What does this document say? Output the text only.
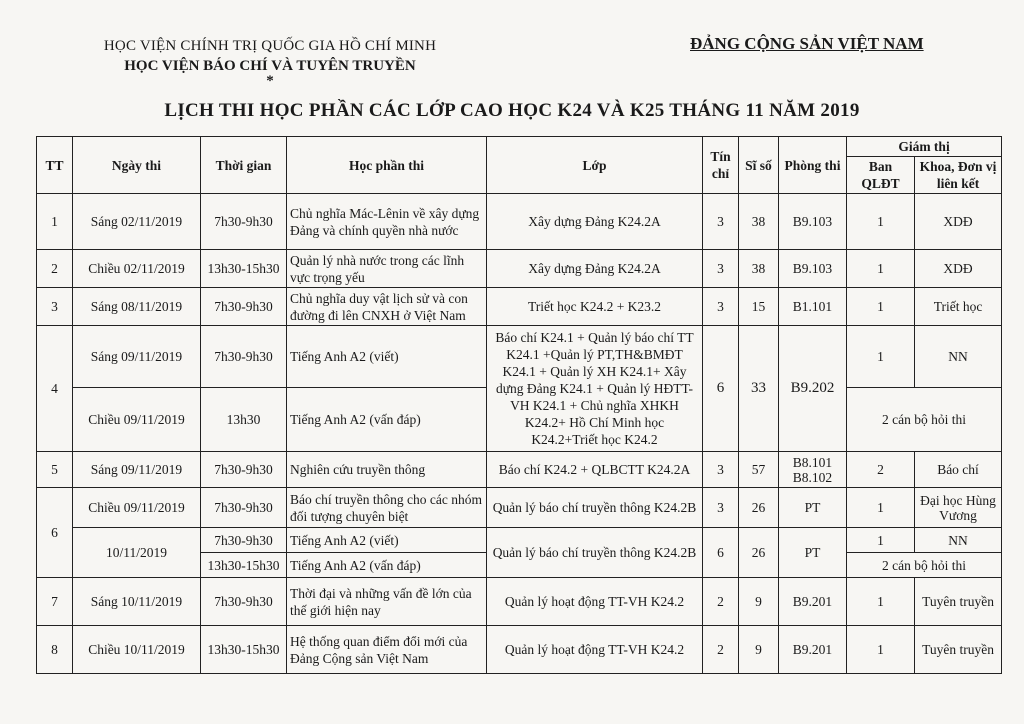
HỌC VIỆN CHÍNH TRỊ QUỐC GIA HỒ CHÍ MINH
HỌC VIỆN BÁO CHÍ VÀ TUYÊN TRUYỀN
*
ĐẢNG CỘNG SẢN VIỆT NAM
LỊCH THI HỌC PHẦN CÁC LỚP CAO HỌC K24 VÀ K25 THÁNG 11 NĂM 2019
TT	Ngày thi	Thời gian	Học phần thi	Lớp	Tín chỉ	Sĩ số	Phòng thi	Giám thị	
								Ban QLĐT	Khoa, Đơn vị liên kết
1	Sáng 02/11/2019	7h30-9h30	Chủ nghĩa Mác-Lênin về xây dựng Đảng và chính quyền nhà nước	Xây dựng Đảng K24.2A	3	38	B9.103	1	XDĐ
2	Chiều 02/11/2019	13h30-15h30	Quản lý nhà nước trong các lĩnh vực trọng yếu	Xây dựng Đảng K24.2A	3	38	B9.103	1	XDĐ
3	Sáng 08/11/2019	7h30-9h30	Chủ nghĩa duy vật lịch sử và con đường đi lên CNXH ở Việt Nam	Triết học K24.2 + K23.2	3	15	B1.101	1	Triết học
4	Sáng 09/11/2019	7h30-9h30	Tiếng Anh A2 (viết)	Báo chí K24.1 + Quản lý báo chí TT K24.1 +Quản lý PT,TH&BMĐT K24.1 + Quản lý XH K24.1+ Xây dựng Đảng K24.1 + Quản lý HĐTT-VH K24.1 + Chủ nghĩa XHKH K24.2+ Hồ Chí Minh học K24.2+Triết học K24.2	6	33	B9.202	1	NN
	Chiều 09/11/2019	13h30	Tiếng Anh A2 (vấn đáp)					2 cán bộ hỏi thi	
5	Sáng 09/11/2019	7h30-9h30	Nghiên cứu truyền thông	Báo chí K24.2 + QLBCTT K24.2A	3	57	B8.101 B8.102	2	Báo chí
6	Chiều 09/11/2019	7h30-9h30	Báo chí truyền thông cho các nhóm đối tượng chuyên biệt	Quản lý báo chí truyền thông K24.2B	3	26	PT	1	Đại học Hùng Vương
	10/11/2019	7h30-9h30	Tiếng Anh A2 (viết)	Quản lý báo chí truyền thông K24.2B	6	26	PT	1	NN
		13h30-15h30	Tiếng Anh A2 (vấn đáp)					2 cán bộ hỏi thi	
7	Sáng 10/11/2019	7h30-9h30	Thời đại và những vấn đề lớn của thế giới hiện nay	Quản lý hoạt động TT-VH K24.2	2	9	B9.201	1	Tuyên truyền
8	Chiều 10/11/2019	13h30-15h30	Hệ thống quan điểm đổi mới của Đảng Cộng sản Việt Nam	Quản lý hoạt động TT-VH K24.2	2	9	B9.201	1	Tuyên truyền
